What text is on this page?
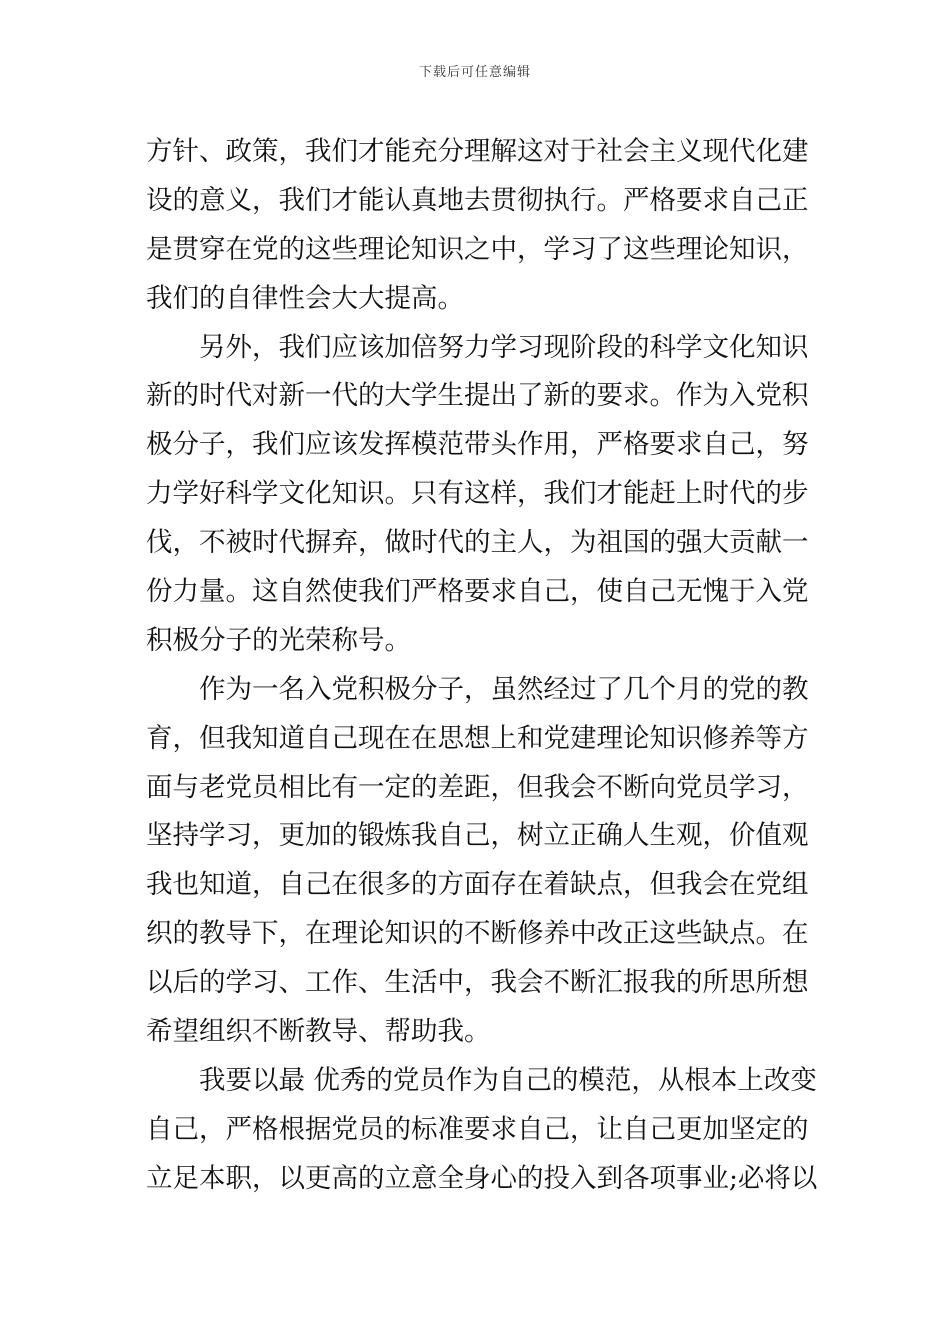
下载后可任意编辑
方针、政策，我们才能充分理解这对于社会主义现代化建
设的意义，我们才能认真地去贯彻执行。严格要求自己正
是贯穿在党的这些理论知识之中，学习了这些理论知识，
我们的自律性会大大提高。
另外，我们应该加倍努力学习现阶段的科学文化知识
新的时代对新一代的大学生提出了新的要求。作为入党积
极分子，我们应该发挥模范带头作用，严格要求自己，努
力学好科学文化知识。只有这样，我们才能赶上时代的步
伐，不被时代摒弃，做时代的主人，为祖国的强大贡献一
份力量。这自然使我们严格要求自己，使自己无愧于入党
积极分子的光荣称号。
作为一名入党积极分子，虽然经过了几个月的党的教
育，但我知道自己现在在思想上和党建理论知识修养等方
面与老党员相比有一定的差距，但我会不断向党员学习，
坚持学习，更加的锻炼我自己，树立正确人生观，价值观
我也知道，自己在很多的方面存在着缺点，但我会在党组
织的教导下，在理论知识的不断修养中改正这些缺点。在
以后的学习、工作、生活中，我会不断汇报我的所思所想
希望组织不断教导、帮助我。
我要以最 优秀的党员作为自己的模范，从根本上改变
自己，严格根据党员的标准要求自己，让自己更加坚定的
立足本职，以更高的立意全身心的投入到各项事业;必将以
